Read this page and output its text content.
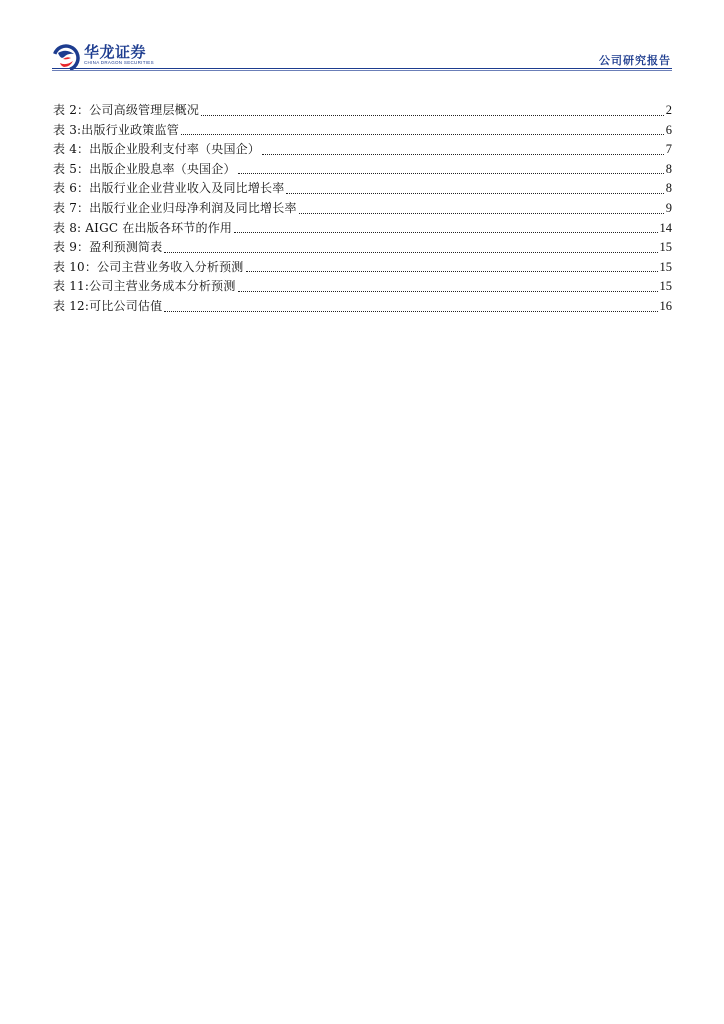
华龙证券
CHINA DRAGON SECURITIES	公司研究报告
表 2：公司高级管理层概况	2
表 3:出版行业政策监管	6
表 4：出版企业股利支付率（央国企）	7
表 5：出版企业股息率（央国企）	8
表 6：出版行业企业营业收入及同比增长率	8
表 7：出版行业企业归母净利润及同比增长率	9
表 8: AIGC 在出版各环节的作用	14
表 9：盈利预测简表	15
表 10：公司主营业务收入分析预测	15
表 11:公司主营业务成本分析预测	15
表 12:可比公司估值	16
